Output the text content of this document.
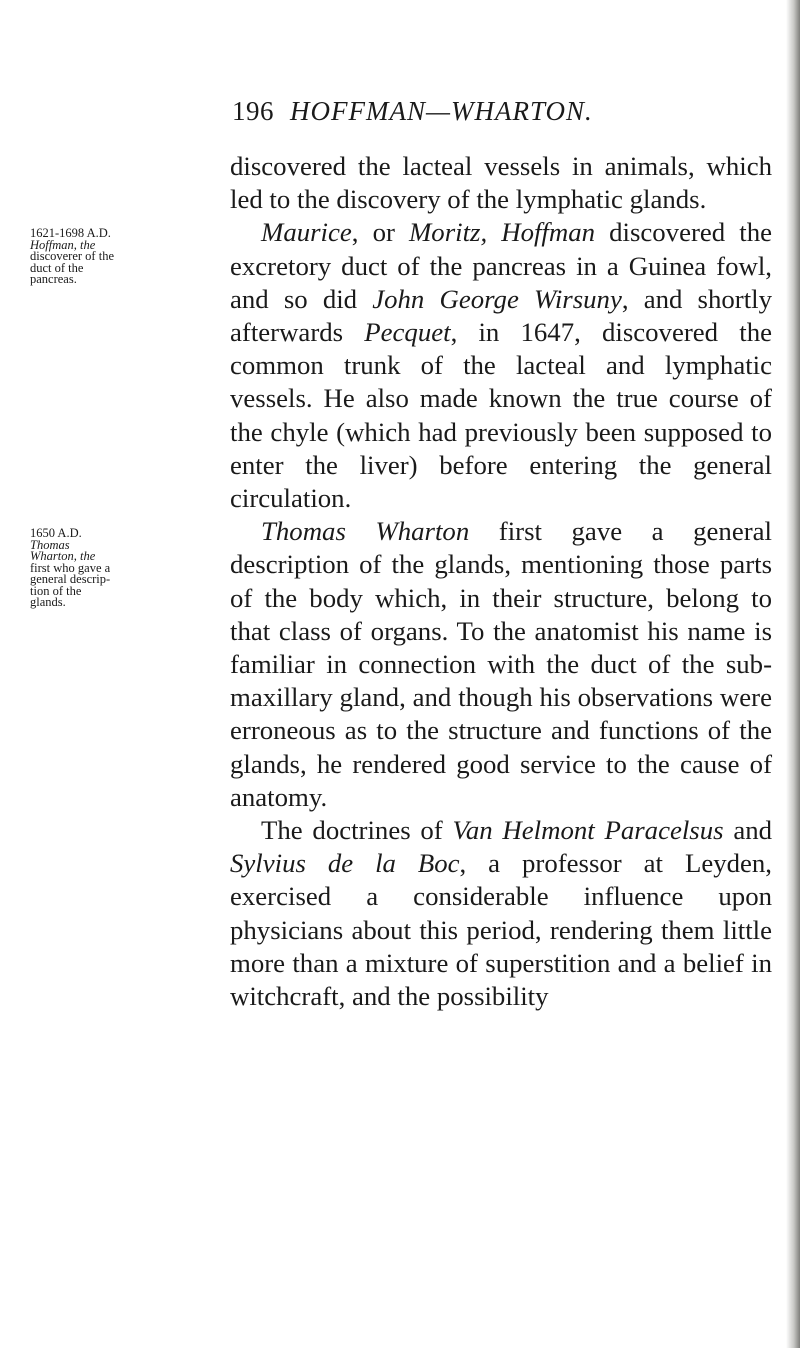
196 HOFFMAN—WHARTON.
1621-1698 A.D.
Hoffman, the
discoverer of the
duct of the
pancreas.
1650 A.D.
Thomas
Wharton, the
first who gave a
general descrip-
tion of the
glands.

discovered the lacteal vessels in animals, which led to the discovery of the lymphatic glands.

Maurice, or Moritz, Hoffman discovered the excretory duct of the pancreas in a Guinea fowl, and so did John George Wirsuny, and shortly afterwards Pecquet, in 1647, discovered the common trunk of the lacteal and lymphatic vessels. He also made known the true course of the chyle (which had previously been supposed to enter the liver) before entering the general circulation.

Thomas Wharton first gave a general description of the glands, mentioning those parts of the body which, in their structure, belong to that class of organs. To the anatomist his name is familiar in connection with the duct of the sub-maxillary gland, and though his observations were erroneous as to the structure and functions of the glands, he rendered good service to the cause of anatomy.

The doctrines of Van Helmont Paracelsus and Sylvius de la Boc, a professor at Leyden, exercised a considerable influence upon physicians about this period, rendering them little more than a mixture of superstition and a belief in witchcraft, and the possibility
